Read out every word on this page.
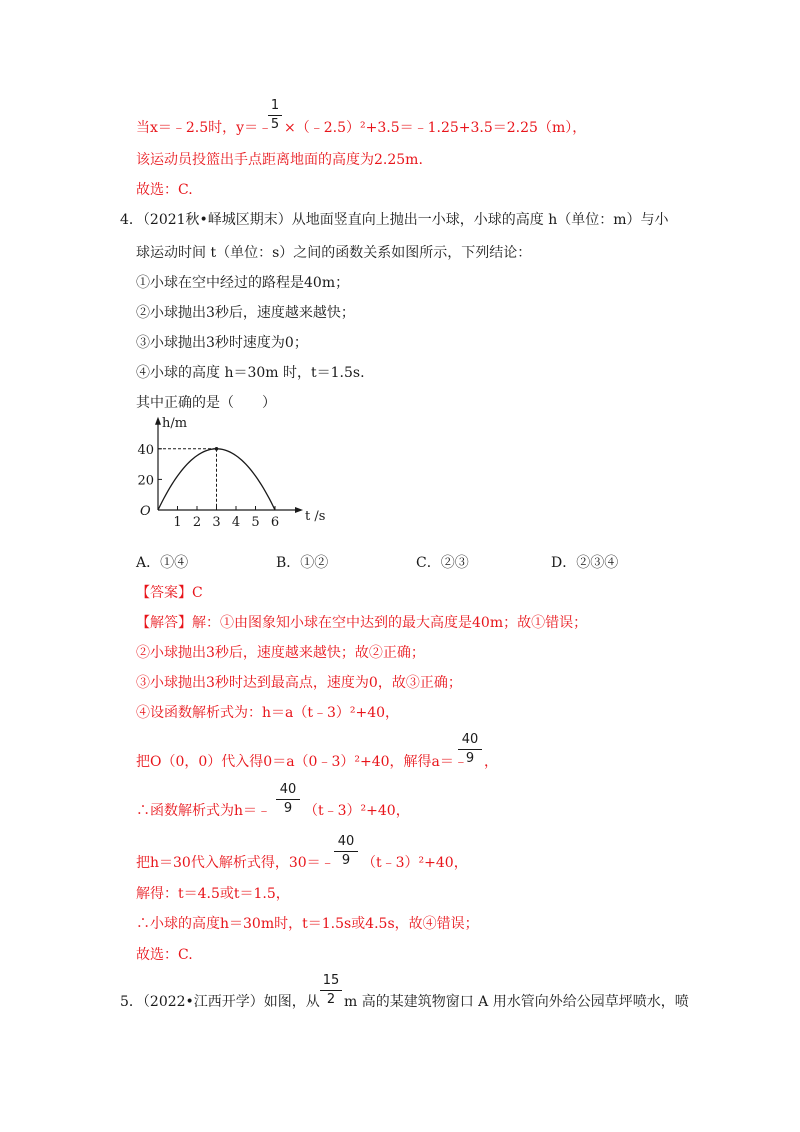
1
5
当x＝﹣2.5时，y＝﹣ ×（﹣2.5）²+3.5＝﹣1.25+3.5＝2.25（m），
该运动员投篮出手点距离地面的高度为2.25m.
故选：C.
4．（2021秋•峄城区期末）从地面竖直向上抛出一小球，小球的高度 h（单位：m）与小
球运动时间 t（单位：s）之间的函数关系如图所示，下列结论：
①小球在空中经过的路程是40m；
②小球抛出3秒后，速度越来越快；
③小球抛出3秒时速度为0；
④小球的高度 h＝30m 时，t＝1.5s.
其中正确的是（　　）
1 2 3 4 5 6
20
40
h/m
t /s
O
A．①④	B．①②	C．②③	D．②③④
【答案】C
【解答】解：①由图象知小球在空中达到的最大高度是40m；故①错误；
②小球抛出3秒后，速度越来越快；故②正确；
③小球抛出3秒时达到最高点，速度为0，故③正确；
④设函数解析式为：h＝a（t﹣3）²+40，
40
9
把O（0，0）代入得0＝a（0﹣3）²+40，解得a＝﹣ ，
40
9
∴函数解析式为h＝﹣ （t﹣3）²+40，
40
9
把h＝30代入解析式得，30＝﹣ （t﹣3）²+40，
解得：t＝4.5或t＝1.5，
∴小球的高度h＝30m时，t＝1.5s或4.5s，故④错误；
故选：C.
15
2
5．（2022•江西开学）如图，从 m 高的某建筑物窗口 A 用水管向外给公园草坪喷水，喷
